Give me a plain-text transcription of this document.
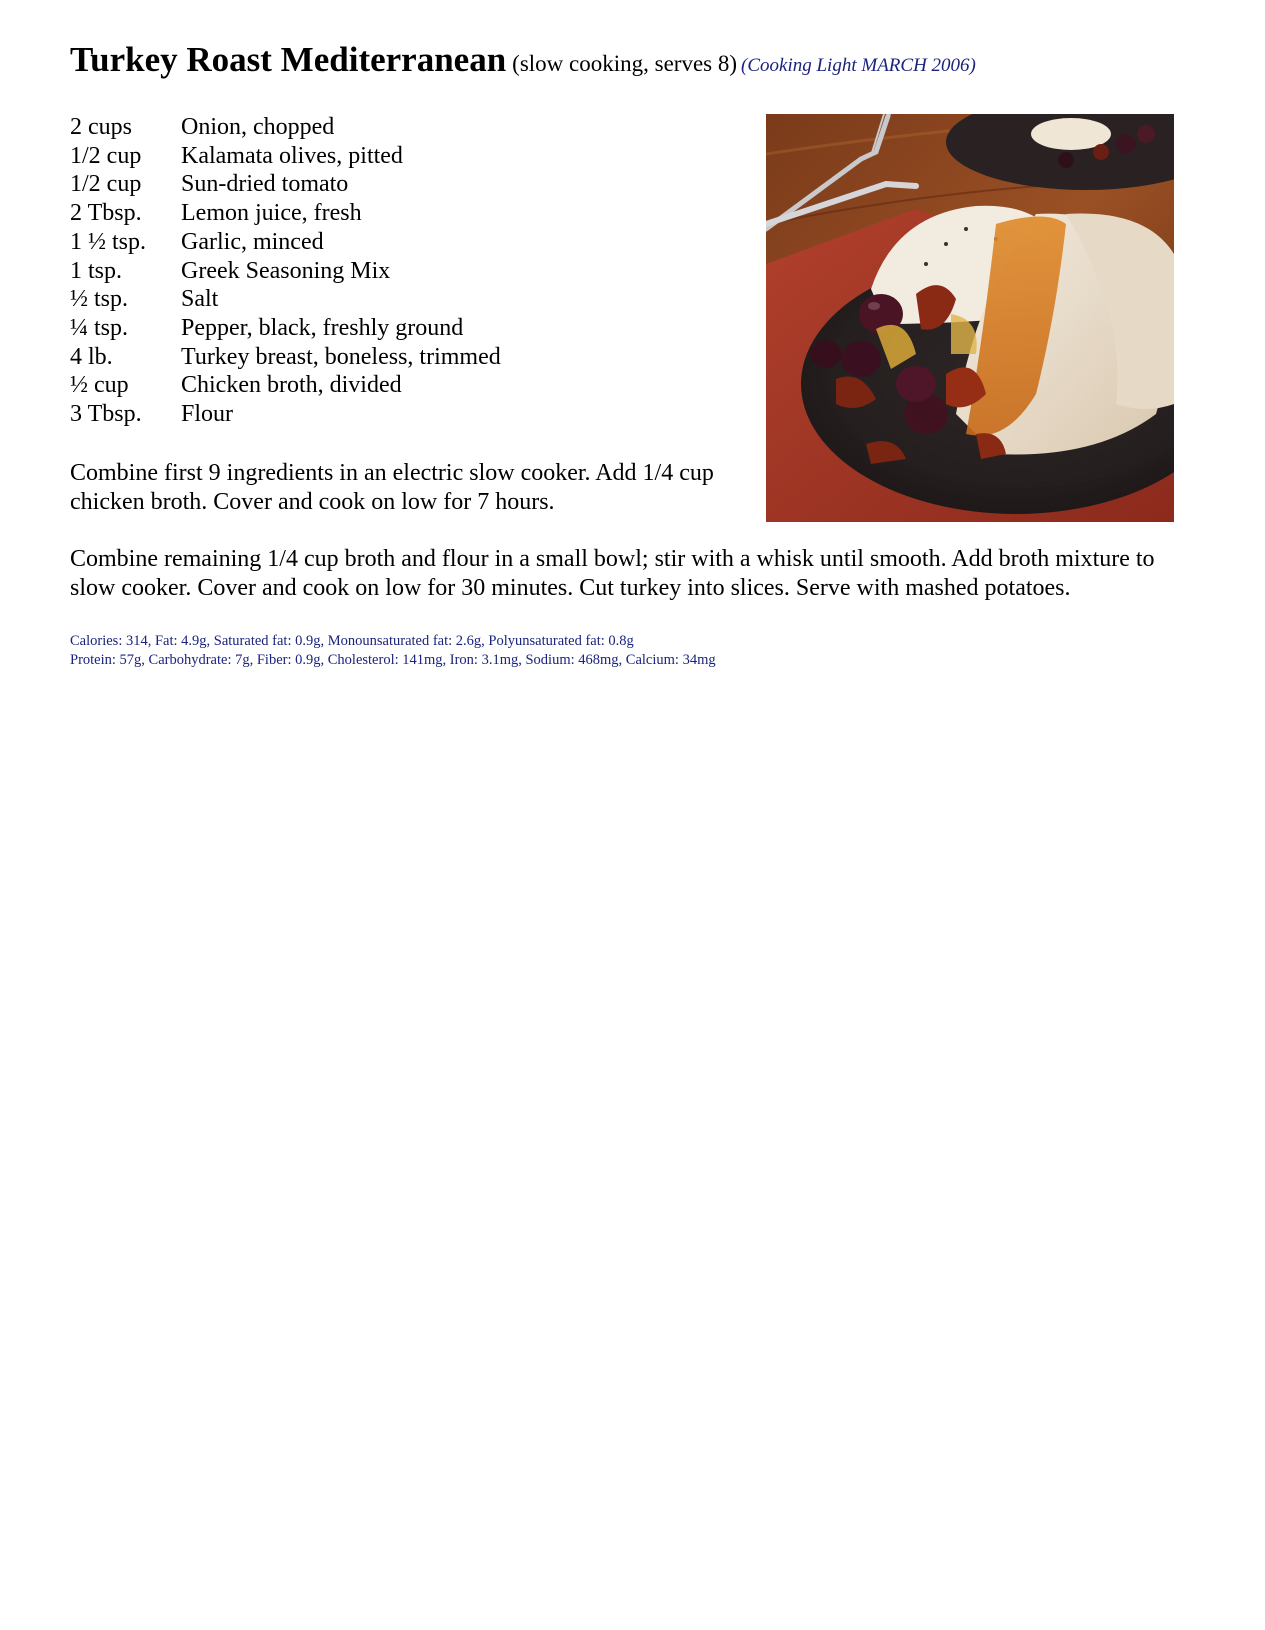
Turkey Roast Mediterranean (slow cooking, serves 8) (Cooking Light MARCH 2006)
2 cups	Onion, chopped
1/2 cup	Kalamata olives, pitted
1/2 cup	Sun-dried tomato
2 Tbsp.	Lemon juice, fresh
1 ½ tsp.	Garlic, minced
1 tsp.	Greek Seasoning Mix
½ tsp.	Salt
¼ tsp.	Pepper, black, freshly ground
4 lb.	Turkey breast, boneless, trimmed
½ cup	Chicken broth, divided
3 Tbsp.	Flour
Combine first 9 ingredients in an electric slow cooker. Add 1/4 cup chicken broth. Cover and cook on low for 7 hours.
Combine remaining 1/4 cup broth and flour in a small bowl; stir with a whisk until smooth. Add broth mixture to slow cooker. Cover and cook on low for 30 minutes. Cut turkey into slices. Serve with mashed potatoes.
Calories: 314, Fat: 4.9g, Saturated fat: 0.9g, Monounsaturated fat: 2.6g, Polyunsaturated fat: 0.8g
Protein: 57g, Carbohydrate: 7g, Fiber: 0.9g, Cholesterol: 141mg, Iron: 3.1mg, Sodium: 468mg, Calcium: 34mg
